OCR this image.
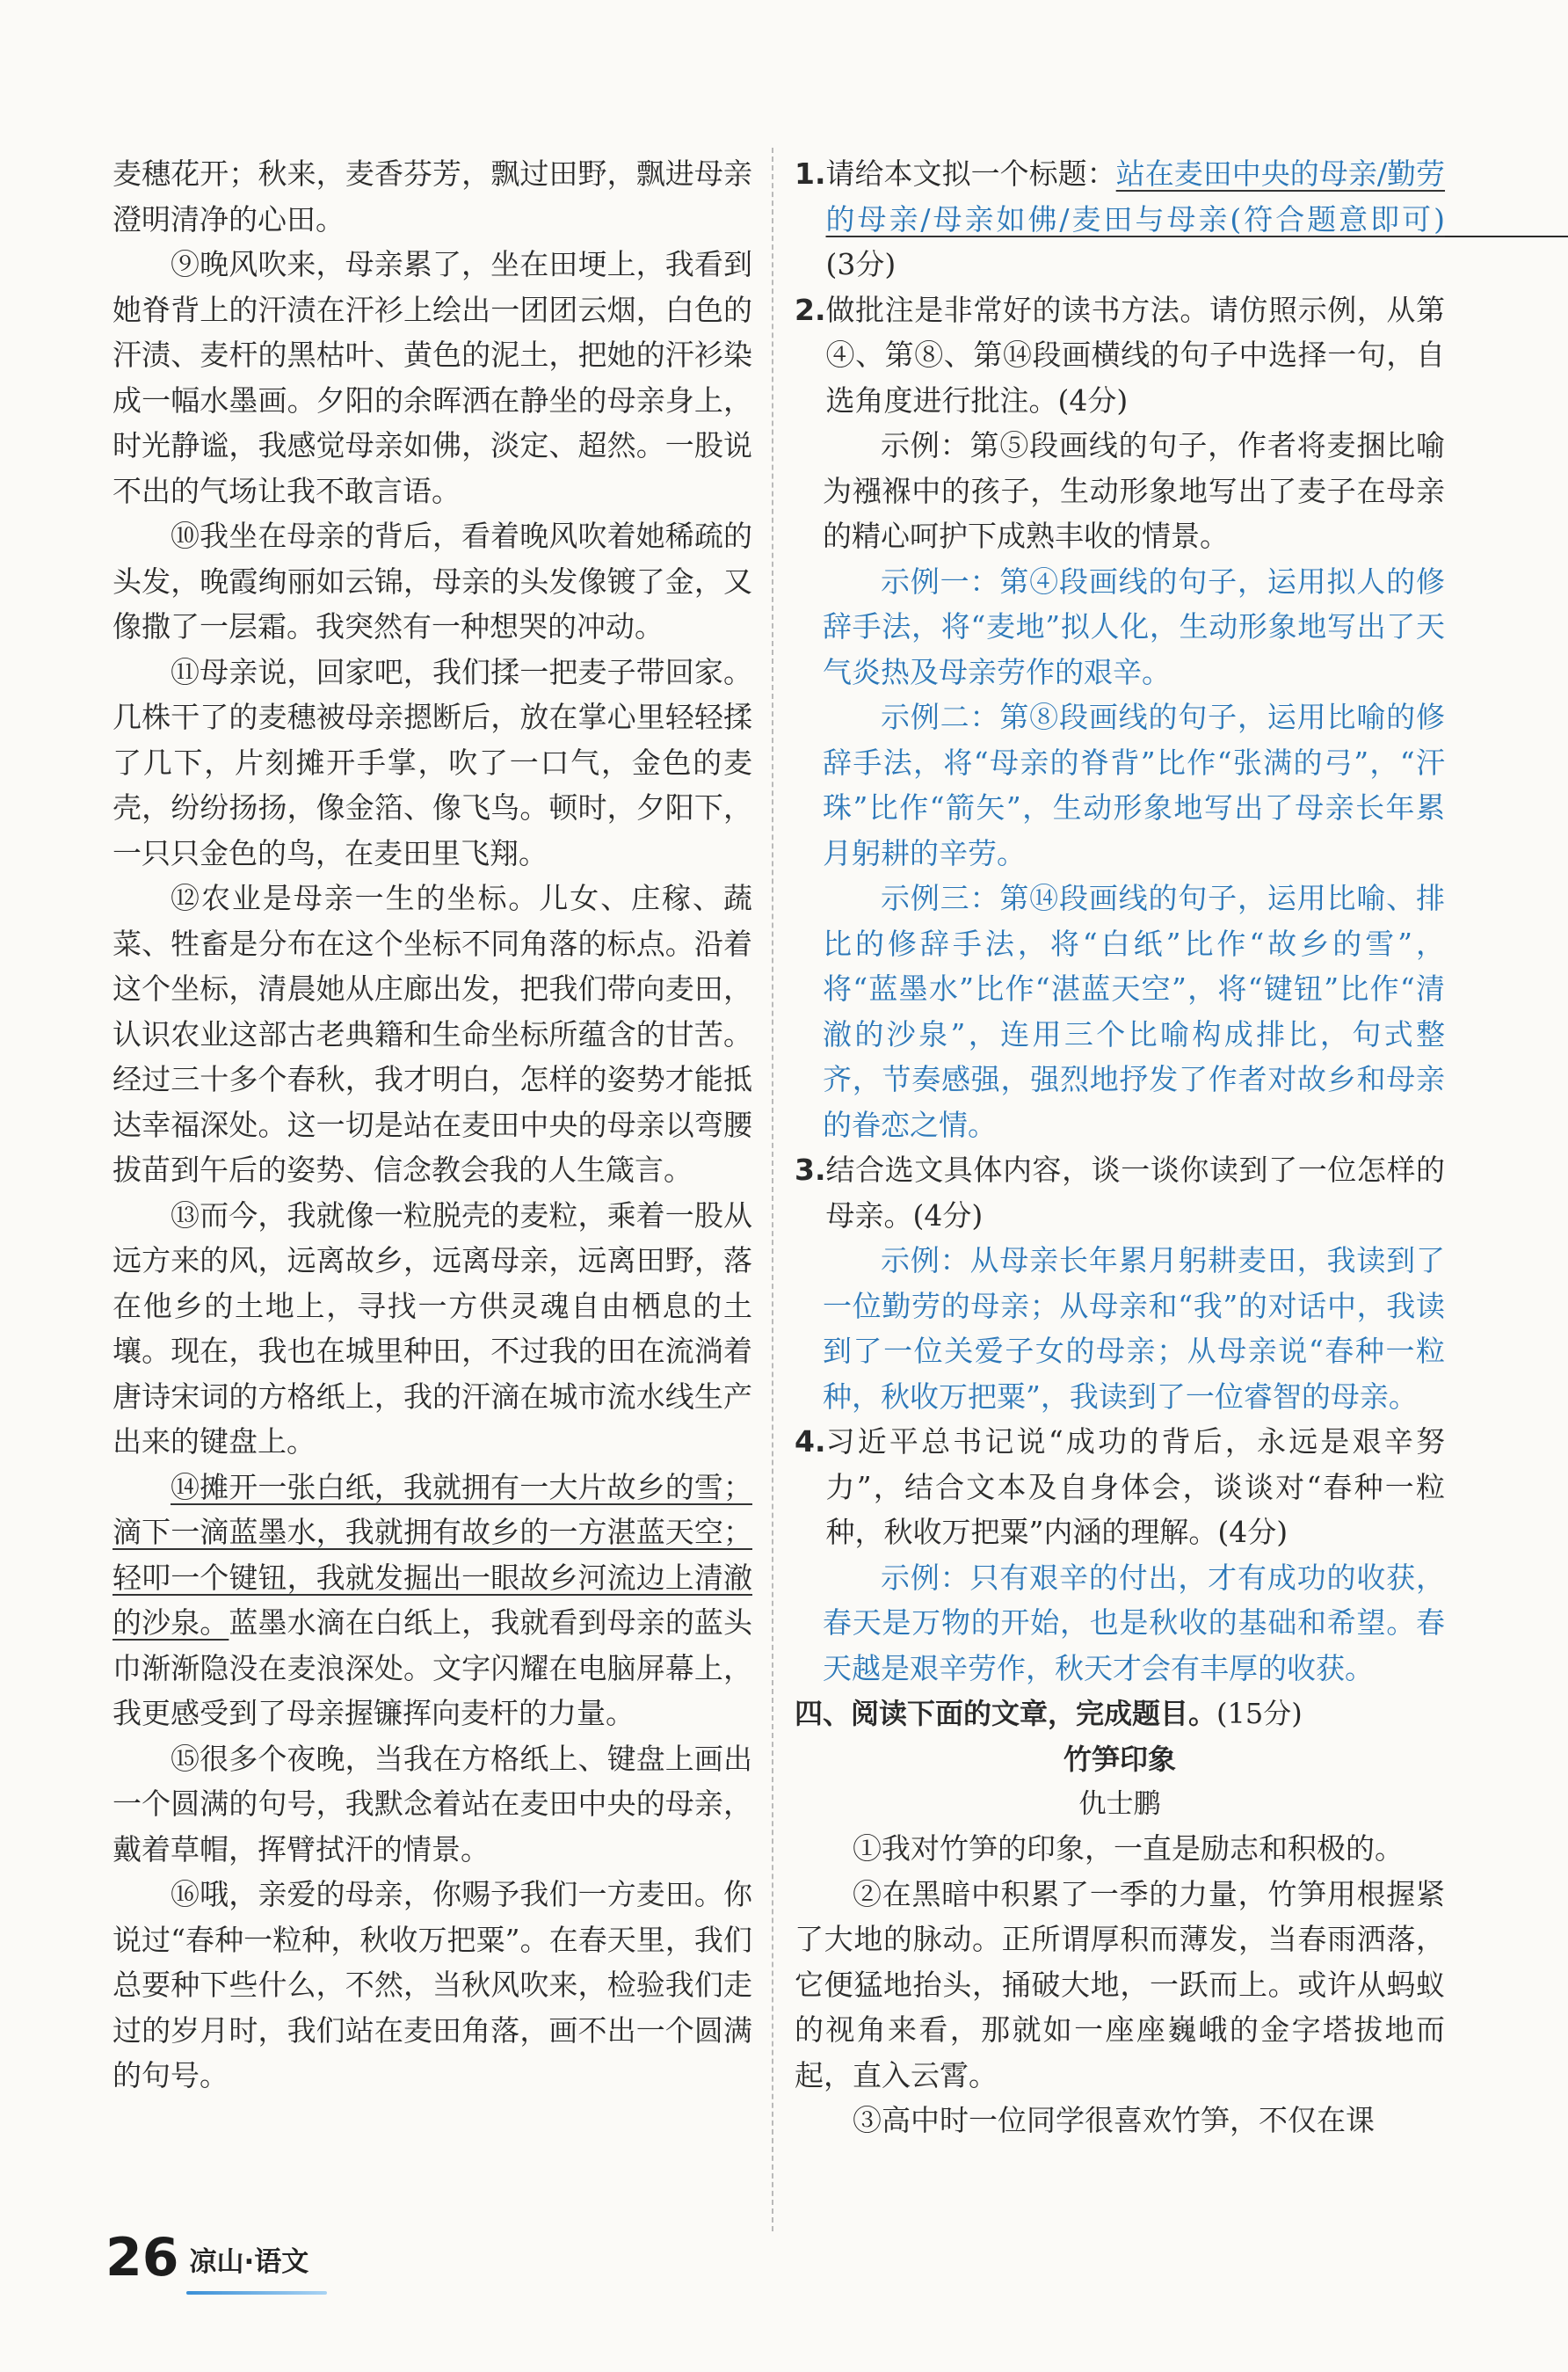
麦穗花开；秋来，麦香芬芳，飘过田野，飘进母亲澄明清净的心田。

⑨晚风吹来，母亲累了，坐在田埂上，我看到她脊背上的汗渍在汗衫上绘出一团团云烟，白色的汗渍、麦杆的黑枯叶、黄色的泥土，把她的汗衫染成一幅水墨画。夕阳的余晖洒在静坐的母亲身上，时光静谧，我感觉母亲如佛，淡定、超然。一股说不出的气场让我不敢言语。

⑩我坐在母亲的背后，看着晚风吹着她稀疏的头发，晚霞绚丽如云锦，母亲的头发像镀了金，又像撒了一层霜。我突然有一种想哭的冲动。

⑪母亲说，回家吧，我们揉一把麦子带回家。几株干了的麦穗被母亲摁断后，放在掌心里轻轻揉了几下，片刻摊开手掌，吹了一口气，金色的麦壳，纷纷扬扬，像金箔、像飞鸟。顿时，夕阳下，一只只金色的鸟，在麦田里飞翔。

⑫农业是母亲一生的坐标。儿女、庄稼、蔬菜、牲畜是分布在这个坐标不同角落的标点。沿着这个坐标，清晨她从庄廊出发，把我们带向麦田，认识农业这部古老典籍和生命坐标所蕴含的甘苦。经过三十多个春秋，我才明白，怎样的姿势才能抵达幸福深处。这一切是站在麦田中央的母亲以弯腰拔苗到午后的姿势、信念教会我的人生箴言。

⑬而今，我就像一粒脱壳的麦粒，乘着一股从远方来的风，远离故乡，远离母亲，远离田野，落在他乡的土地上，寻找一方供灵魂自由栖息的土壤。现在，我也在城里种田，不过我的田在流淌着唐诗宋词的方格纸上，我的汗滴在城市流水线生产出来的键盘上。

⑭摊开一张白纸，我就拥有一大片故乡的雪；滴下一滴蓝墨水，我就拥有故乡的一方湛蓝天空；轻叩一个键钮，我就发掘出一眼故乡河流边上清澈的沙泉。蓝墨水滴在白纸上，我就看到母亲的蓝头巾渐渐隐没在麦浪深处。文字闪耀在电脑屏幕上，我更感受到了母亲握镰挥向麦杆的力量。

⑮很多个夜晚，当我在方格纸上、键盘上画出一个圆满的句号，我默念着站在麦田中央的母亲，戴着草帽，挥臂拭汗的情景。

⑯哦，亲爱的母亲，你赐予我们一方麦田。你说过“春种一粒种，秋收万把粟”。在春天里，我们总要种下些什么，不然，当秋风吹来，检验我们走过的岁月时，我们站在麦田角落，画不出一个圆满的句号。

1. 请给本文拟一个标题：站在麦田中央的母亲/勤劳的母亲/母亲如佛/麦田与母亲(符合题意即可)　　　　　　　(3分)
2. 做批注是非常好的读书方法。请仿照示例，从第④、第⑧、第⑭段画横线的句子中选择一句，自选角度进行批注。(4分)

示例：第⑤段画线的句子，作者将麦捆比喻为襁褓中的孩子，生动形象地写出了麦子在母亲的精心呵护下成熟丰收的情景。

示例一：第④段画线的句子，运用拟人的修辞手法，将“麦地”拟人化，生动形象地写出了天气炎热及母亲劳作的艰辛。

示例二：第⑧段画线的句子，运用比喻的修辞手法，将“母亲的脊背”比作“张满的弓”，“汗珠”比作“箭矢”，生动形象地写出了母亲长年累月躬耕的辛劳。

示例三：第⑭段画线的句子，运用比喻、排比的修辞手法，将“白纸”比作“故乡的雪”，将“蓝墨水”比作“湛蓝天空”，将“键钮”比作“清澈的沙泉”，连用三个比喻构成排比，句式整齐，节奏感强，强烈地抒发了作者对故乡和母亲的眷恋之情。

3. 结合选文具体内容，谈一谈你读到了一位怎样的母亲。(4分)

示例：从母亲长年累月躬耕麦田，我读到了一位勤劳的母亲；从母亲和“我”的对话中，我读到了一位关爱子女的母亲；从母亲说“春种一粒种，秋收万把粟”，我读到了一位睿智的母亲。

4. 习近平总书记说“成功的背后，永远是艰辛努力”，结合文本及自身体会，谈谈对“春种一粒种，秋收万把粟”内涵的理解。(4分)

示例：只有艰辛的付出，才有成功的收获，春天是万物的开始，也是秋收的基础和希望。春天越是艰辛劳作，秋天才会有丰厚的收获。

四、阅读下面的文章，完成题目。(15分)
竹笋印象
仇士鹏

①我对竹笋的印象，一直是励志和积极的。

②在黑暗中积累了一季的力量，竹笋用根握紧了大地的脉动。正所谓厚积而薄发，当春雨洒落，它便猛地抬头，捅破大地，一跃而上。或许从蚂蚁的视角来看，那就如一座座巍峨的金字塔拔地而起，直入云霄。

③高中时一位同学很喜欢竹笋，不仅在课

26 凉山·语文
